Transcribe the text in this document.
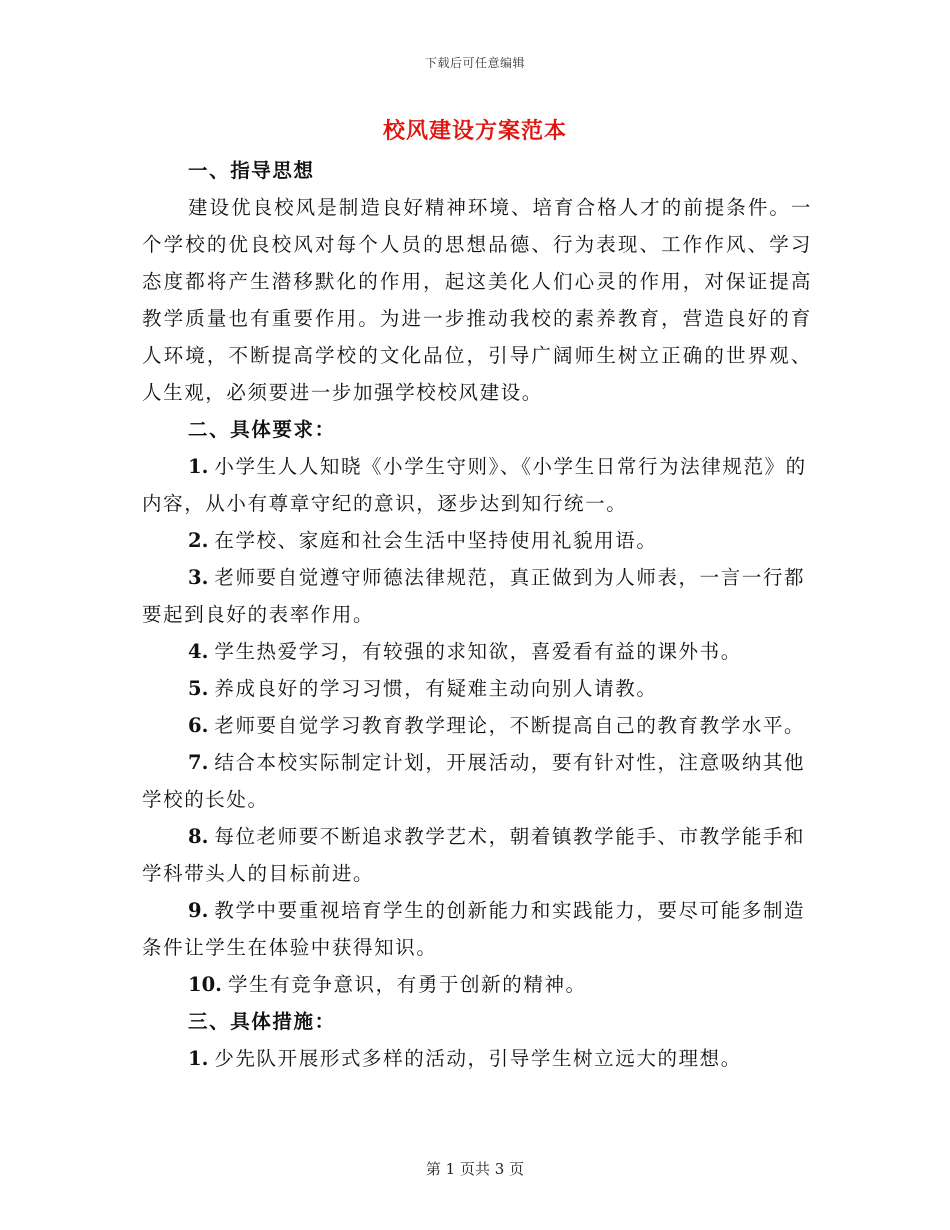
下载后可任意编辑
校风建设方案范本

一、指导思想

建设优良校风是制造良好精神环境、培育合格人才的前提条件。一个学校的优良校风对每个人员的思想品德、行为表现、工作作风、学习态度都将产生潜移默化的作用，起这美化人们心灵的作用，对保证提高教学质量也有重要作用。为进一步推动我校的素养教育，营造良好的育人环境，不断提高学校的文化品位，引导广阔师生树立正确的世界观、人生观，必须要进一步加强学校校风建设。

二、具体要求：

1. 小学生人人知晓《小学生守则》、《小学生日常行为法律规范》的内容，从小有尊章守纪的意识，逐步达到知行统一。

2. 在学校、家庭和社会生活中坚持使用礼貌用语。

3. 老师要自觉遵守师德法律规范，真正做到为人师表，一言一行都要起到良好的表率作用。

4. 学生热爱学习，有较强的求知欲，喜爱看有益的课外书。

5. 养成良好的学习习惯，有疑难主动向别人请教。

6. 老师要自觉学习教育教学理论，不断提高自己的教育教学水平。

7. 结合本校实际制定计划，开展活动，要有针对性，注意吸纳其他学校的长处。

8. 每位老师要不断追求教学艺术，朝着镇教学能手、市教学能手和学科带头人的目标前进。

9. 教学中要重视培育学生的创新能力和实践能力，要尽可能多制造条件让学生在体验中获得知识。

10. 学生有竞争意识，有勇于创新的精神。

三、具体措施：

1. 少先队开展形式多样的活动，引导学生树立远大的理想。

第 1 页共 3 页
